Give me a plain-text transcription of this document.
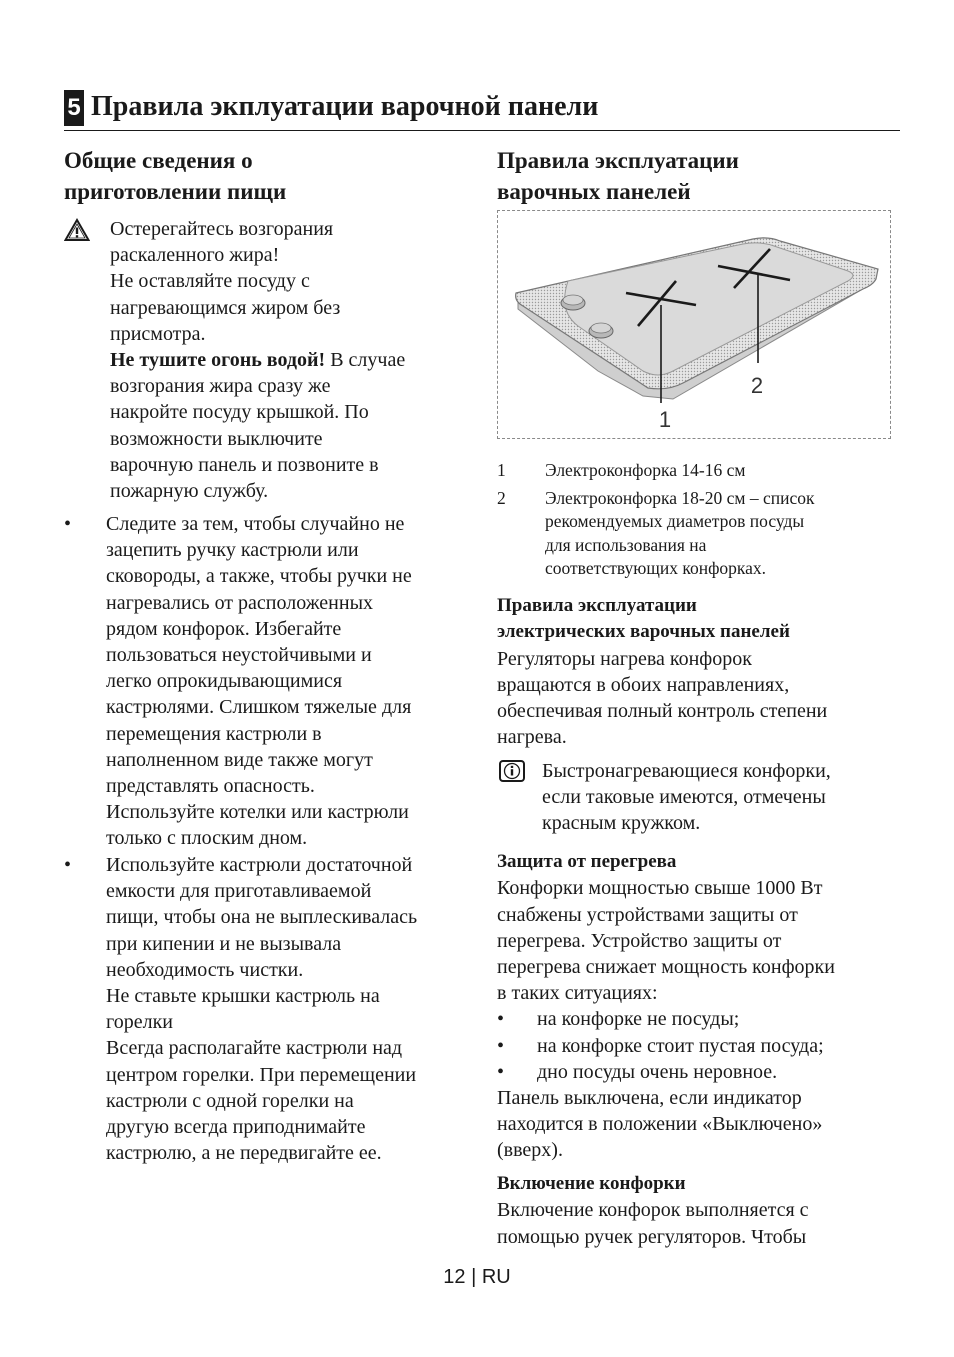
5 Правила экплуатации варочной панели

Общие сведения о

приготовлении пищи

Остерегайтесь возгорания

раскаленного жира!

Не оставляйте посуду с

нагревающимся жиром без

присмотра.

Не тушите огонь водой! В случае

возгорания жира сразу же

накройте посуду крышкой. По

возможности выключите

варочную панель и позвоните в

пожарную службу.

• Следите за тем, чтобы случайно не

зацепить ручку кастрюли или

сковороды, а также, чтобы ручки не

нагревались от расположенных

рядом конфорок. Избегайте

пользоваться неустойчивыми и

легко опрокидывающимися

кастрюлями. Слишком тяжелые для

перемещения кастрюли в

наполненном виде также могут

представлять опасность.

Используйте котелки или кастрюли

только с плоским дном.

• Используйте кастрюли достаточной

емкости для приготавливаемой

пищи, чтобы она не выплескивалась

при кипении и не вызывала

необходимость чистки.

Не ставьте крышки кастрюль на

горелки

Всегда располагайте кастрюли над

центром горелки. При перемещении

кастрюли с одной горелки на

другую всегда приподнимайте

кастрюлю, а не передвигайте ее.

Правила эксплуатации

варочных панелей

1
2
1 Электроконфорка 14-16 см

2 Электроконфорка 18-20 см – список

рекомендуемых диаметров посуды

для использования на

соответствующих конфорках.

Правила эксплуатации

электрических варочных панелей

Регуляторы нагрева конфорок

вращаются в обоих направлениях,

обеспечивая полный контроль степени

нагрева.

Быстронагревающиеся конфорки,

если таковые имеются, отмечены

красным кружком.

Защита от перегрева

Конфорки мощностью свыше 1000 Вт

снабжены устройствами защиты от

перегрева. Устройство защиты от

перегрева снижает мощность конфорки

в таких ситуациях:

• на конфорке не посуды;

• на конфорке стоит пустая посуда;

• дно посуды очень неровное.

Панель выключена, если индикатор

находится в положении «Выключено»

(вверх).

Включение конфорки

Включение конфорок выполняется с

помощью ручек регуляторов. Чтобы

12 | RU
